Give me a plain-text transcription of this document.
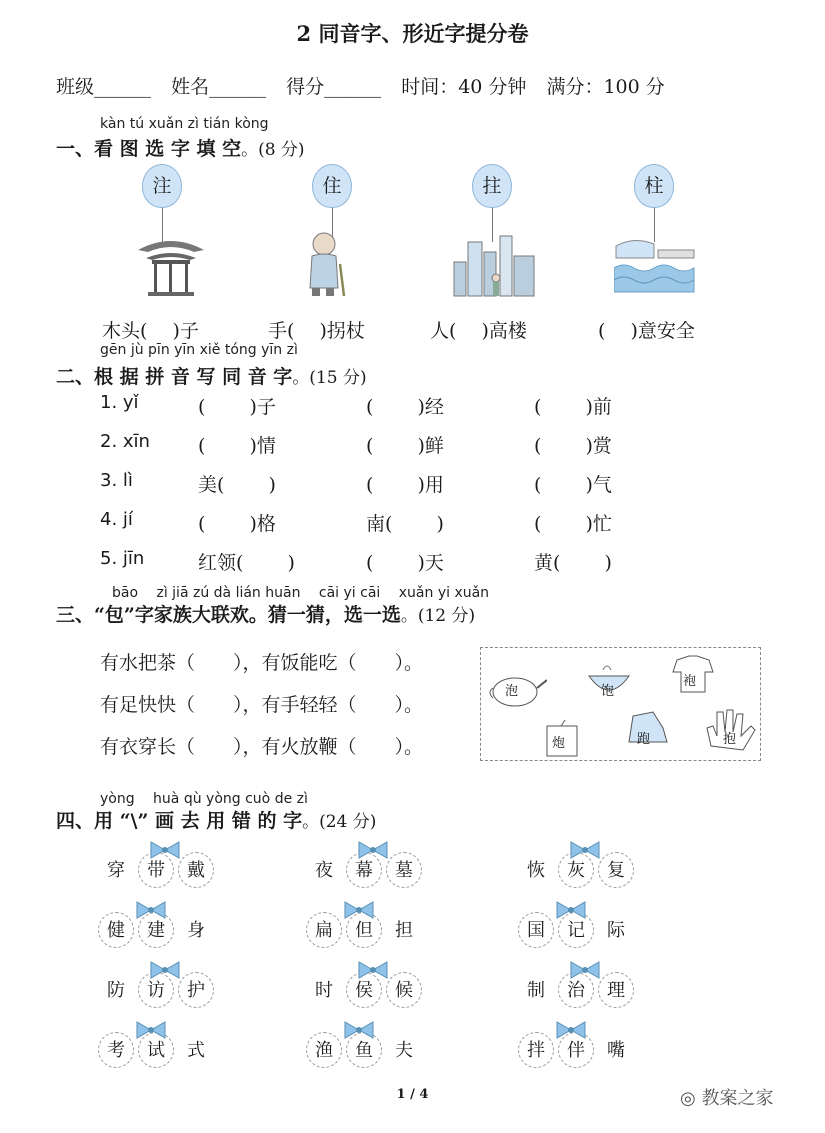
2 同音字、形近字提分卷
班级______ 姓名______ 得分______ 时间：40 分钟 满分：100 分
kàn tú xuǎn zì tián kòng
一、看 图 选 字 填 空。(8 分)
注	住	拄	柱
木头(　 )子	手(　 )拐杖	人(　 )高楼	(　 )意安全
gēn jù pīn yīn xiě tóng yīn zì
二、根 据 拼 音 写 同 音 字。(15 分)
1. yǐ	(　 　)子	(　 　)经	(　 　)前
2. xīn	(　 　)情	(　 　)鲜	(　 　)赏
3. lì	美(　 　)	(　 　)用	(　 　)气
4. jí	(　 　)格	南(　 　)	(　 　)忙
5. jīn	红领(　 　)	(　 　)天	黄(　 　)
bāo　 zì jiā zú dà lián huān　 cāi yi cāi　 xuǎn yi xuǎn
三、“包”字家族大联欢。猜一猜，选一选。(12 分)
有水把茶（　　），有饭能吃（　　）。
有足快快（　　），有手轻轻（　　）。
有衣穿长（　　），有火放鞭（　　）。
泡	饱
袍
炮	跑	抱
yòng　 huà qù yòng cuò de zì
四、用 “\” 画 去 用 错 的 字。(24 分)
穿 带 戴	夜 幕 墓	恢 灰 复
健 建 身	扁 但 担	国 记 际
防 访 护	时 侯 候	制 治 理
考 试 式	渔 鱼 夫	拌 伴 嘴
1 / 4	◎ 教案之家
